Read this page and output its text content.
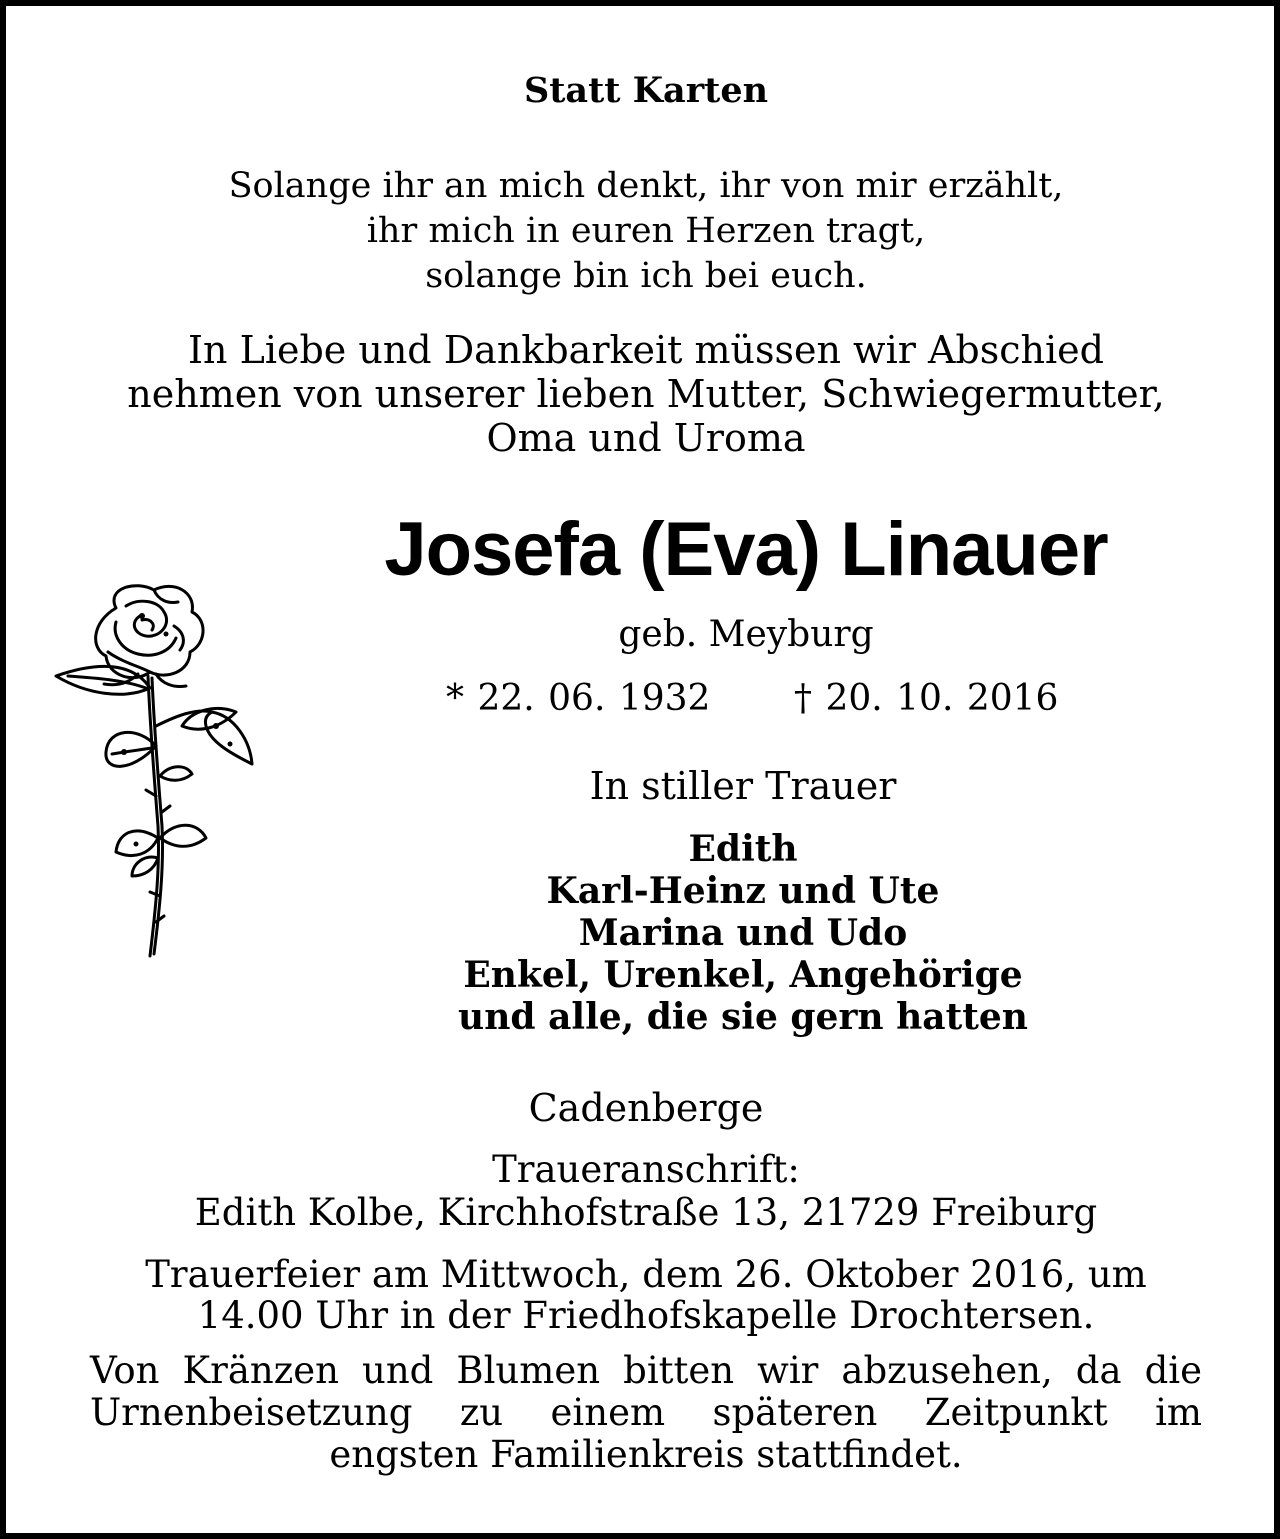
Statt Karten
Solange ihr an mich denkt, ihr von mir erzählt,
ihr mich in euren Herzen tragt,
solange bin ich bei euch.
In Liebe und Dankbarkeit müssen wir Abschied
nehmen von unserer lieben Mutter, Schwiegermutter,
Oma und Uroma
Josefa (Eva) Linauer
geb. Meyburg
* 22. 06. 1932 † 20. 10. 2016
In stiller Trauer
Edith
Karl-Heinz und Ute
Marina und Udo
Enkel, Urenkel, Angehörige
und alle, die sie gern hatten
Cadenberge
Traueranschrift:
Edith Kolbe, Kirchhofstraße 13, 21729 Freiburg
Trauerfeier am Mittwoch, dem 26. Oktober 2016, um
14.00 Uhr in der Friedhofskapelle Drochtersen.
Von Kränzen und Blumen bitten wir abzusehen, da die
Urnenbeisetzung zu einem späteren Zeitpunkt im
engsten Familienkreis stattfindet.
